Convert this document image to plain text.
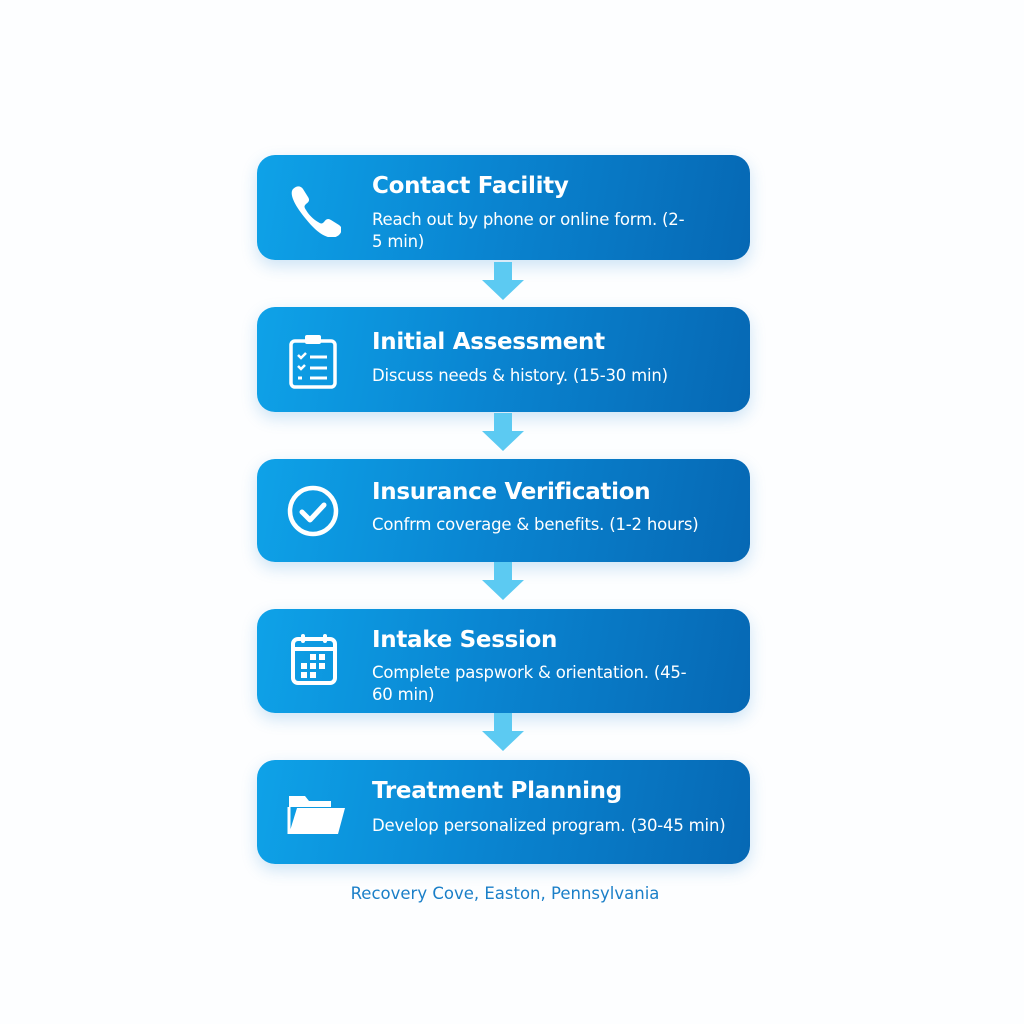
Contact Facility
Reach out by phone or online form. (2-5 min)
Initial Assessment
Discuss needs & history. (15-30 min)
Insurance Verification
Confrm coverage & benefits. (1-2 hours)
Intake Session
Complete paspwork & orientation. (45-60 min)
Treatment Planning
Develop personalized program. (30-45 min)
Recovery Cove, Easton, Pennsylvania
